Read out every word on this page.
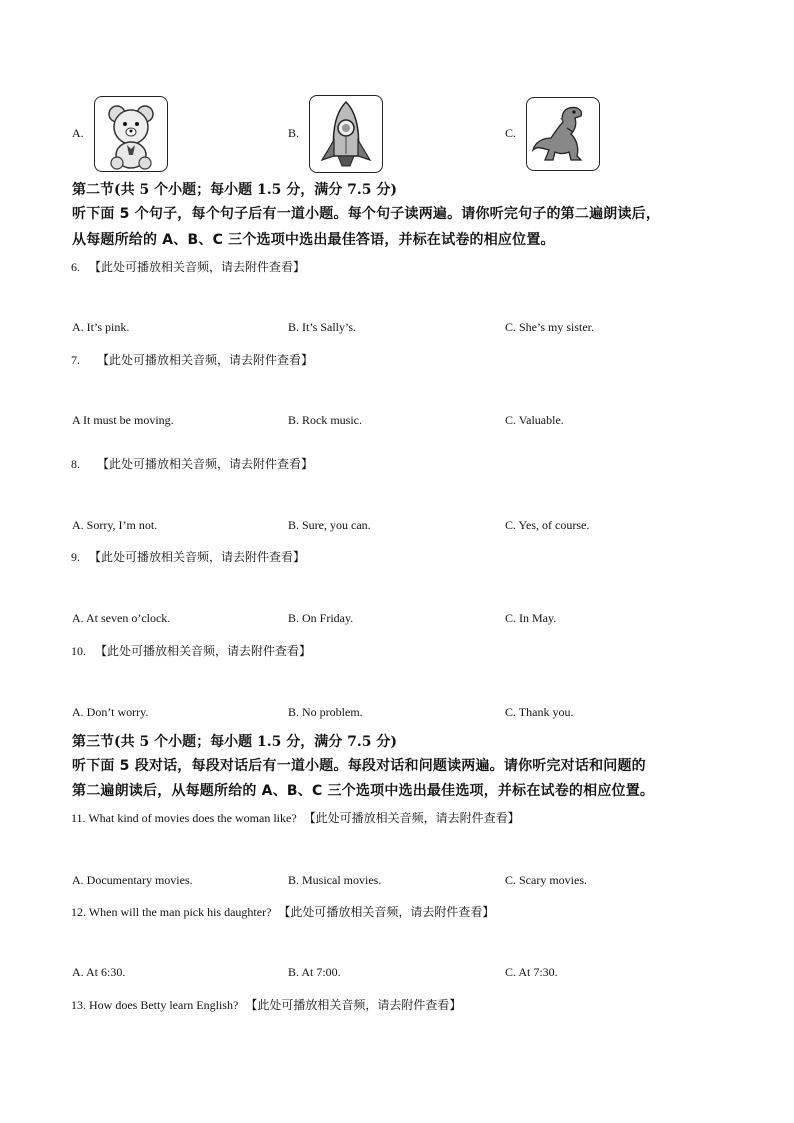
A.	B.	C.
第二节(共 5 个小题；每小题 1.5 分，满分 7.5 分)
听下面 5 个句子，每个句子后有一道小题。每个句子读两遍。请你听完句子的第二遍朗读后，
从每题所给的 A、B、C 三个选项中选出最佳答语，并标在试卷的相应位置。
6. 【此处可播放相关音频，请去附件查看】
A. It’s pink.	B. It’s Sally’s.	C. She’s my sister.
7. 【此处可播放相关音频，请去附件查看】
A It must be moving.	B. Rock music.	C. Valuable.
8. 【此处可播放相关音频，请去附件查看】
A. Sorry, I’m not.	B. Sure, you can.	C. Yes, of course.
9. 【此处可播放相关音频，请去附件查看】
A. At seven o’clock.	B. On Friday.	C. In May.
10. 【此处可播放相关音频，请去附件查看】
A. Don’t worry.	B. No problem.	C. Thank you.
第三节(共 5 个小题；每小题 1.5 分，满分 7.5 分)
听下面 5 段对话，每段对话后有一道小题。每段对话和问题读两遍。请你听完对话和问题的
第二遍朗读后，从每题所给的 A、B、C 三个选项中选出最佳选项，并标在试卷的相应位置。
11. What kind of movies does the woman like? 【此处可播放相关音频，请去附件查看】
A. Documentary movies.	B. Musical movies.	C. Scary movies.
12. When will the man pick his daughter? 【此处可播放相关音频，请去附件查看】
A. At 6:30.	B. At 7:00.	C. At 7:30.
13. How does Betty learn English? 【此处可播放相关音频，请去附件查看】
